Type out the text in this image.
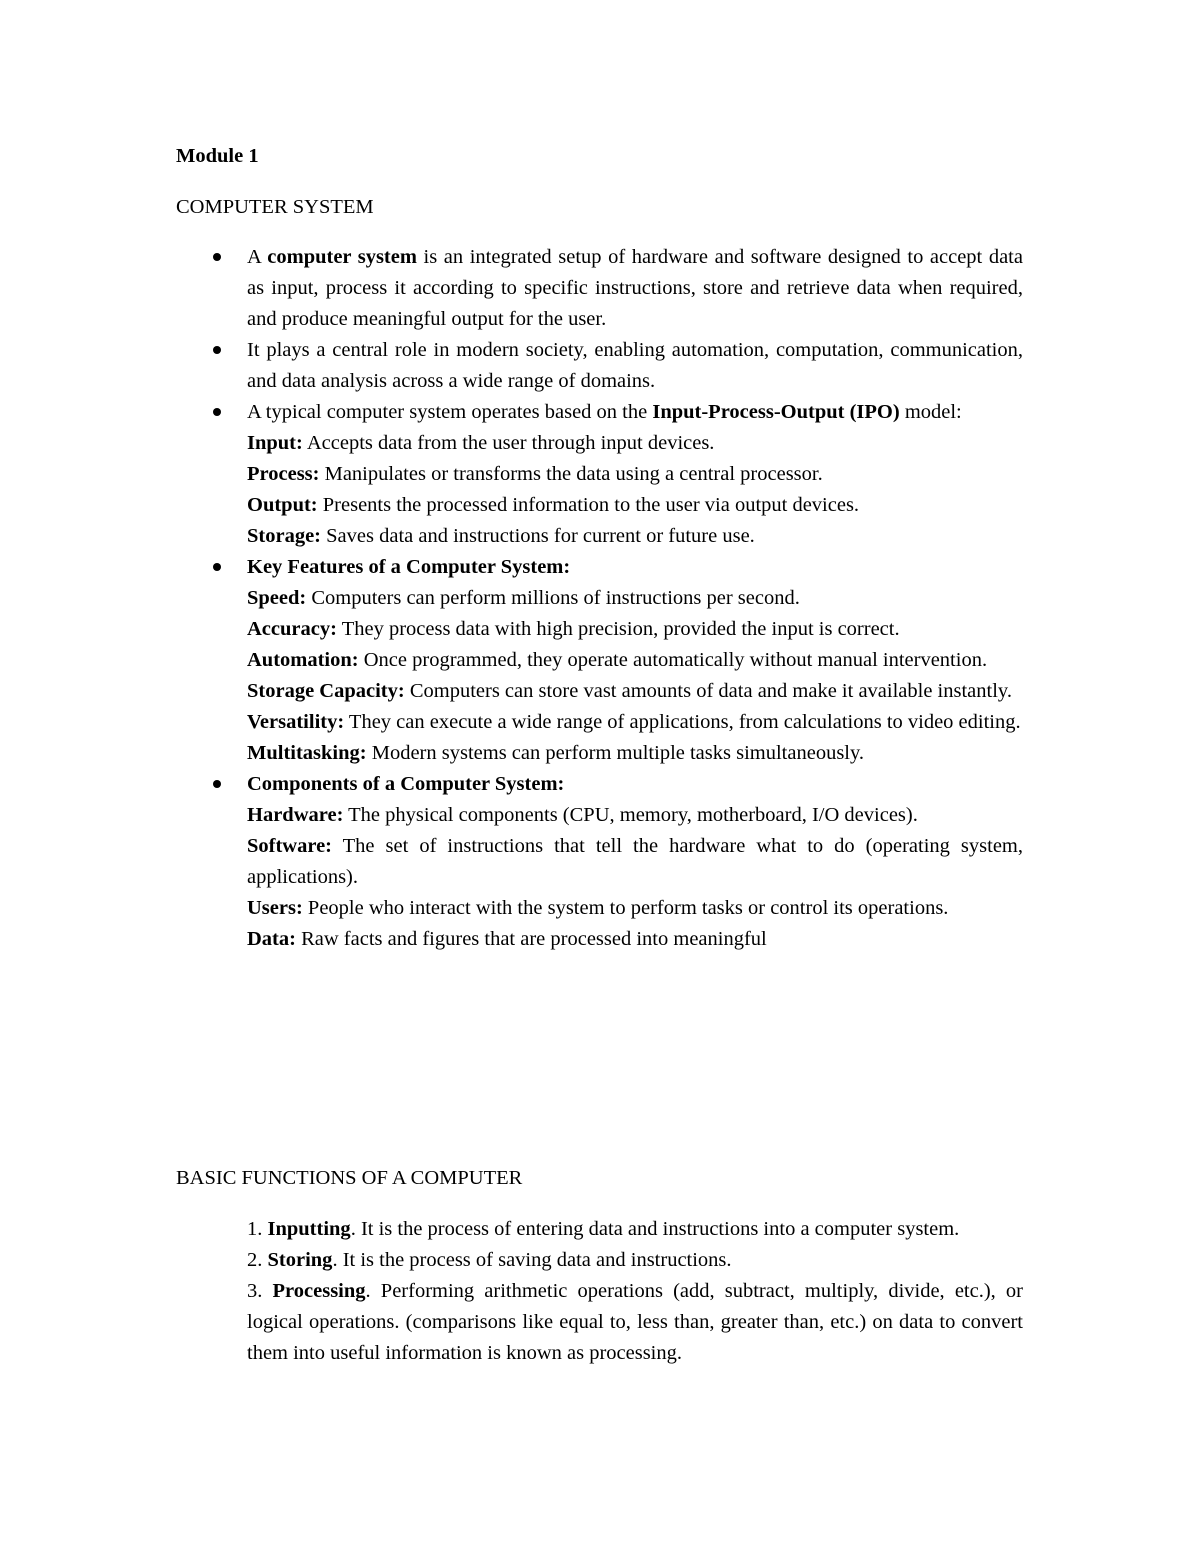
Module 1

COMPUTER SYSTEM

A computer system is an integrated setup of hardware and software designed to accept data as input, process it according to specific instructions, store and retrieve data when required, and produce meaningful output for the user.

It plays a central role in modern society, enabling automation, computation, communication, and data analysis across a wide range of domains.

A typical computer system operates based on the Input-Process-Output (IPO) model:

Input: Accepts data from the user through input devices.

Process: Manipulates or transforms the data using a central processor.

Output: Presents the processed information to the user via output devices.

Storage: Saves data and instructions for current or future use.

Key Features of a Computer System:

Speed: Computers can perform millions of instructions per second.

Accuracy: They process data with high precision, provided the input is correct.

Automation: Once programmed, they operate automatically without manual intervention.

Storage Capacity: Computers can store vast amounts of data and make it available instantly.

Versatility: They can execute a wide range of applications, from calculations to video editing.

Multitasking: Modern systems can perform multiple tasks simultaneously.

Components of a Computer System:

Hardware: The physical components (CPU, memory, motherboard, I/O devices).

Software: The set of instructions that tell the hardware what to do (operating system, applications).

Users: People who interact with the system to perform tasks or control its operations.

Data: Raw facts and figures that are processed into meaningful

BASIC FUNCTIONS OF A COMPUTER

1. Inputting. It is the process of entering data and instructions into a computer system.
2. Storing. It is the process of saving data and instructions.
3. Processing. Performing arithmetic operations (add, subtract, multiply, divide, etc.), or logical operations. (comparisons like equal to, less than, greater than, etc.) on data to convert them into useful information is known as processing.
